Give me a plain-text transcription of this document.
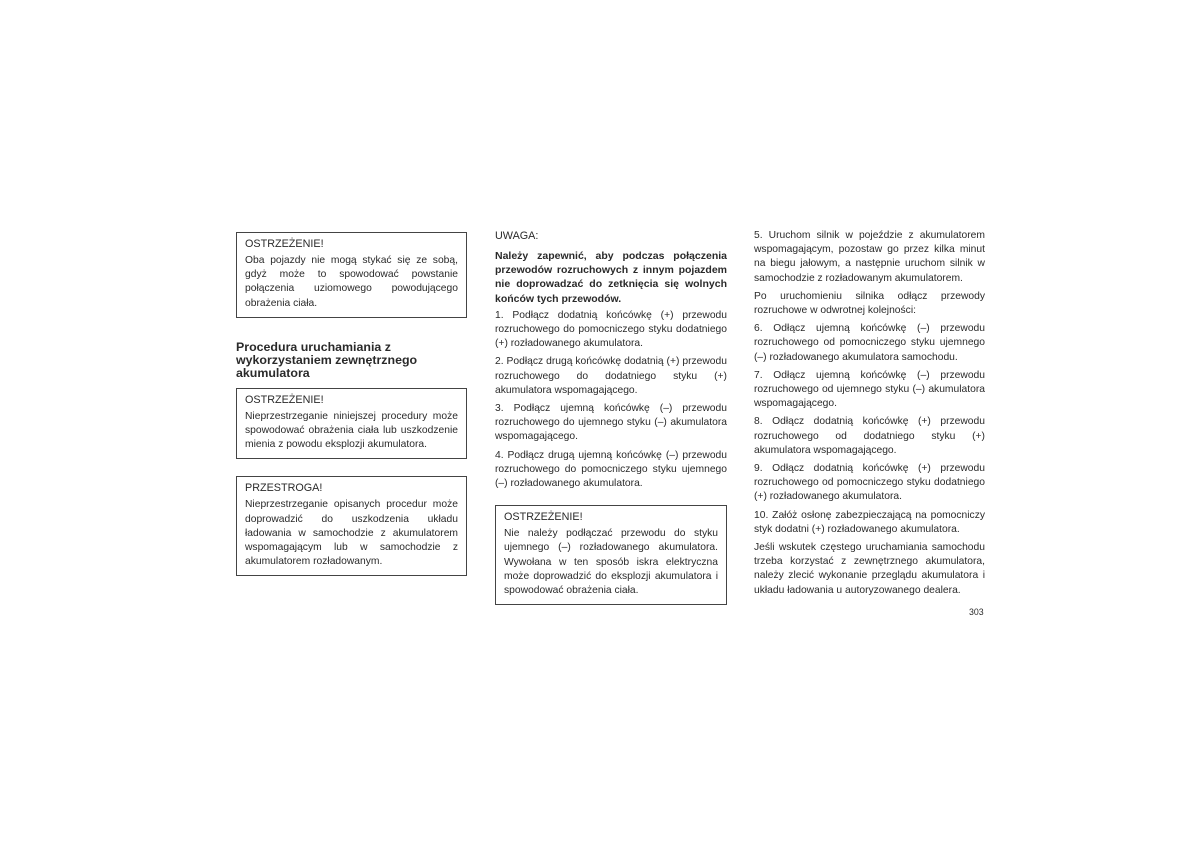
OSTRZEŻENIE!
Oba pojazdy nie mogą stykać się ze sobą, gdyż może to spowodować powstanie połączenia uziomowego powodującego obrażenia ciała.
Procedura uruchamiania z wykorzystaniem zewnętrznego akumulatora
OSTRZEŻENIE!
Nieprzestrzeganie niniejszej procedury może spowodować obrażenia ciała lub uszkodzenie mienia z powodu eksplozji akumulatora.
PRZESTROGA!
Nieprzestrzeganie opisanych procedur może doprowadzić do uszkodzenia układu ładowania w samochodzie z akumulatorem wspomagającym lub w samochodzie z akumulatorem rozładowanym.

UWAGA:

Należy zapewnić, aby podczas połączenia przewodów rozruchowych z innym pojazdem nie doprowadzać do zetknięcia się wolnych końców tych przewodów.

1. Podłącz dodatnią końcówkę (+) przewodu rozruchowego do pomocniczego styku dodatniego (+) rozładowanego akumulatora.

2. Podłącz drugą końcówkę dodatnią (+) przewodu rozruchowego do dodatniego styku (+) akumulatora wspomagającego.

3. Podłącz ujemną końcówkę (–) przewodu rozruchowego do ujemnego styku (–) akumulatora wspomagającego.

4. Podłącz drugą ujemną końcówkę (–) przewodu rozruchowego do pomocniczego styku ujemnego (–) rozładowanego akumulatora.

OSTRZEŻENIE!
Nie należy podłączać przewodu do styku ujemnego (–) rozładowanego akumulatora. Wywołana w ten sposób iskra elektryczna może doprowadzić do eksplozji akumulatora i spowodować obrażenia ciała.

5. Uruchom silnik w pojeździe z akumulatorem wspomagającym, pozostaw go przez kilka minut na biegu jałowym, a następnie uruchom silnik w samochodzie z rozładowanym akumulatorem.

Po uruchomieniu silnika odłącz przewody rozruchowe w odwrotnej kolejności:

6. Odłącz ujemną końcówkę (–) przewodu rozruchowego od pomocniczego styku ujemnego (–) rozładowanego akumulatora samochodu.

7. Odłącz ujemną końcówkę (–) przewodu rozruchowego od ujemnego styku (–) akumulatora wspomagającego.

8. Odłącz dodatnią końcówkę (+) przewodu rozruchowego od dodatniego styku (+) akumulatora wspomagającego.

9. Odłącz dodatnią końcówkę (+) przewodu rozruchowego od pomocniczego styku dodatniego (+) rozładowanego akumulatora.

10. Załóż osłonę zabezpieczającą na pomocniczy styk dodatni (+) rozładowanego akumulatora.

Jeśli wskutek częstego uruchamiania samochodu trzeba korzystać z zewnętrznego akumulatora, należy zlecić wykonanie przeglądu akumulatora i układu ładowania u autoryzowanego dealera.

303
